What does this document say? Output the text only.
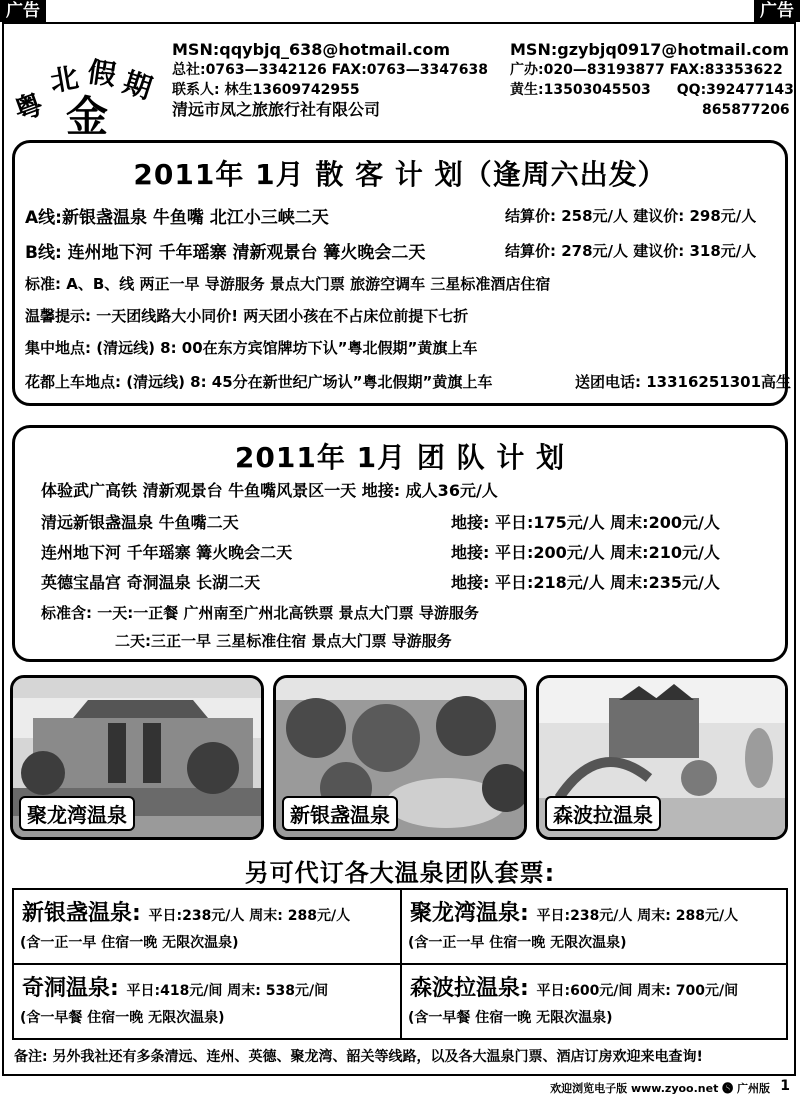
广告	广告
粤
北 假 期
金
MSN:qqybjq_638@hotmail.com
总社:0763—3342126 FAX:0763—3347638
联系人: 林生13609742955
清远市凤之旅旅行社有限公司
MSN:gzybjq0917@hotmail.com
广办:020—83193877 FAX:83353622
黄生:13503045503 QQ:392477143
865877206
2011年 1月 散 客 计 划（逢周六出发）
A线:新银盏温泉 牛鱼嘴 北江小三峡二天	结算价: 258元/人 建议价: 298元/人
B线: 连州地下河 千年瑶寨 清新观景台 篝火晚会二天	结算价: 278元/人 建议价: 318元/人
标准: A、B、线 两正一早 导游服务 景点大门票 旅游空调车 三星标准酒店住宿
温馨提示: 一天团线路大小同价! 两天团小孩在不占床位前提下七折
集中地点: (清远线) 8: 00在东方宾馆牌坊下认”粤北假期”黄旗上车
花都上车地点: (清远线) 8: 45分在新世纪广场认”粤北假期”黄旗上车	送团电话: 13316251301高生
2011年 1月 团 队 计 划
体验武广高铁 清新观景台 牛鱼嘴风景区一天 地接: 成人36元/人
清远新银盏温泉 牛鱼嘴二天	地接: 平日:175元/人 周末:200元/人
连州地下河 千年瑶寨 篝火晚会二天	地接: 平日:200元/人 周末:210元/人
英德宝晶宫 奇洞温泉 长湖二天	地接: 平日:218元/人 周末:235元/人
标准含: 一天:一正餐 广州南至广州北高铁票 景点大门票 导游服务
二天:三正一早 三星标准住宿 景点大门票 导游服务
聚龙湾温泉	新银盏温泉	森波拉温泉
另可代订各大温泉团队套票:
新银盏温泉: 平日:238元/人 周末: 288元/人
(含一正一早 住宿一晚 无限次温泉)
聚龙湾温泉: 平日:238元/人 周末: 288元/人
(含一正一早 住宿一晚 无限次温泉)
奇洞温泉: 平日:418元/间 周末: 538元/间
(含一早餐 住宿一晚 无限次温泉)
森波拉温泉: 平日:600元/间 周末: 700元/间
(含一早餐 住宿一晚 无限次温泉)
备注: 另外我社还有多条清远、连州、英德、聚龙湾、韶关等线路，以及各大温泉门票、酒店订房欢迎来电查询!
欢迎浏览电子版 www.zyoo.net 🅢 广州版 1
